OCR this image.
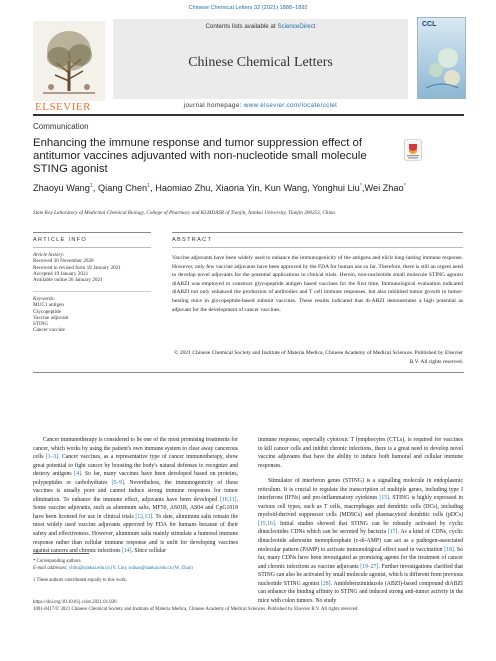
Chinese Chemical Letters 32 (2021) 1888–1892
ELSEVIER
Contents lists available at ScienceDirect
Chinese Chemical Letters
CCL
journal homepage: www.elsevier.com/locate/cclet
Communication
Enhancing the immune response and tumor suppression effect of antitumor vaccines adjuvanted with non-nucleotide small molecule STING agonist
Zhaoyu Wang$^1$, Qiang Chen$^1$, Haomiao Zhu, Xiaona Yin, Kun Wang, Yonghui Liu*,Wei Zhao*
State Key Laboratory of Medicinal Chemical Biology, College of Pharmacy and KLMDASR of Tianjin, Nankai University, Tianjin 300353, China
ARTICLE INFO	ABSTRACT
Article history:
Received 30 November 2020
Received in revised form 18 January 2021
Accepted 19 January 2021
Available online 26 January 2021
Keywords:
MUC1 antigen
Glycopeptide
Vaccine adjuvant
STING
Cancer vaccine
Vaccine adjuvants have been widely used to enhance the immunogenicity of the antigens and elicit long-lasting immune response. However, only few vaccine adjuvants have been approved by the FDA for human use so far. Therefore, there is still an urgent need to develop novel adjuvants for the potential applications in clinical trials. Herein, non-nucleotide small molecule STING agonist diABZI was employed to construct glycopeptide antigen based vaccines for the first time. Immunological evaluation indicated diABZI not only enhanced the production of antibodies and T cell immune responses, but also inhibited tumor growth in tumor-bearing mice in glycopeptide-based subunit vaccines. These results indicated that di-ABZI demonstrates a high potential as adjuvant for the development of cancer vaccines.
© 2021 Chinese Chemical Society and Institute of Materia Medica, Chinese Academy of Medical Sciences. Published by Elsevier B.V. All rights reserved.

Cancer immunotherapy is considered to be one of the most promising treatments for cancer, which works by using the patient's own immune system to clear away cancerous cells [1–3]. Cancer vaccines, as a representative type of cancer immunotherapy, show great potential to fight cancer by boosting the body's natural defenses to recognize and destroy antigens [4]. So far, many vaccines have been developed based on proteins, polypeptides or carbohydrates [5–9]. Nevertheless, the immunogenicity of these vaccines is usually poor and cannot induce strong immune responses for tumor elimination. To enhance the immune effect, adjuvants have been developed [10,11]. Some vaccine adjuvants, such as aluminum salts, MF59, AS01B, AS04 and CpG1018 have been licensed for use in clinical trials [12,13]. To date, aluminum salts remain the most widely used vaccine adjuvants approved by FDA for humans because of their safety and effectiveness. However, aluminum salts mainly stimulate a humoral immune response rather than cellular immune response and is unfit for developing vaccines against cancers and chronic infections [14]. Since cellular

immune response, especially cytotoxic T lymphocytes (CTLs), is required for vaccines to kill cancer cells and inhibit chronic infections, there is a great need to develop novel vaccine adjuvants that have the ability to induce both humoral and cellular immune responses.

Stimulator of interferon genes (STING) is a signalling molecule in endoplasmic reticulum. It is crucial to regulate the transcription of multiple genes, including type I interferons (IFNs) and pro-inflammatory cytokines [15]. STING is highly expressed in various cell types, such as T cells, macrophages and dendritic cells (DCs), including myeloid-derived suppressor cells (MDSCs) and plasmacytoid dendritic cells (pDCs) [15,16]. Initial studies showed that STING can be robustly activated by cyclic dinucleotides CDNs which can be secreted by bacteria [17]. As a kind of CDNs, cyclic dinucleotide adenosine monophosphate (c-di-AMP) can act as a pathogen-associated molecular pattern (PAMP) to activate immunological effect used in vaccination [18]. So far, many CDNs have been investigated as promising agents for the treatment of cancer and chronic infections as vaccine adjuvants [19–27]. Further investigations clarified that STING can also be activated by small molecule agonist, which is different from previous nucleotide STING agonist [28]. Amidobenzimidazole (ABZI)-based compound diABZI can enhance the binding affinity to STING and induced strong anti-tumor activity in the mice with colon tumors. No study

* Corresponding authors.
E-mail addresses: yhliu@nankai.edu.cn (Y. Liu), wzhao@nankai.edu.cn (W. Zhao)
1 These authors contributed equally to this work.
https://doi.org/10.1016/j.cclet.2021.01.036
1001-8417/© 2021 Chinese Chemical Society and Institute of Materia Medica, Chinese Academy of Medical Sciences. Published by Elsevier B.V. All rights reserved.
